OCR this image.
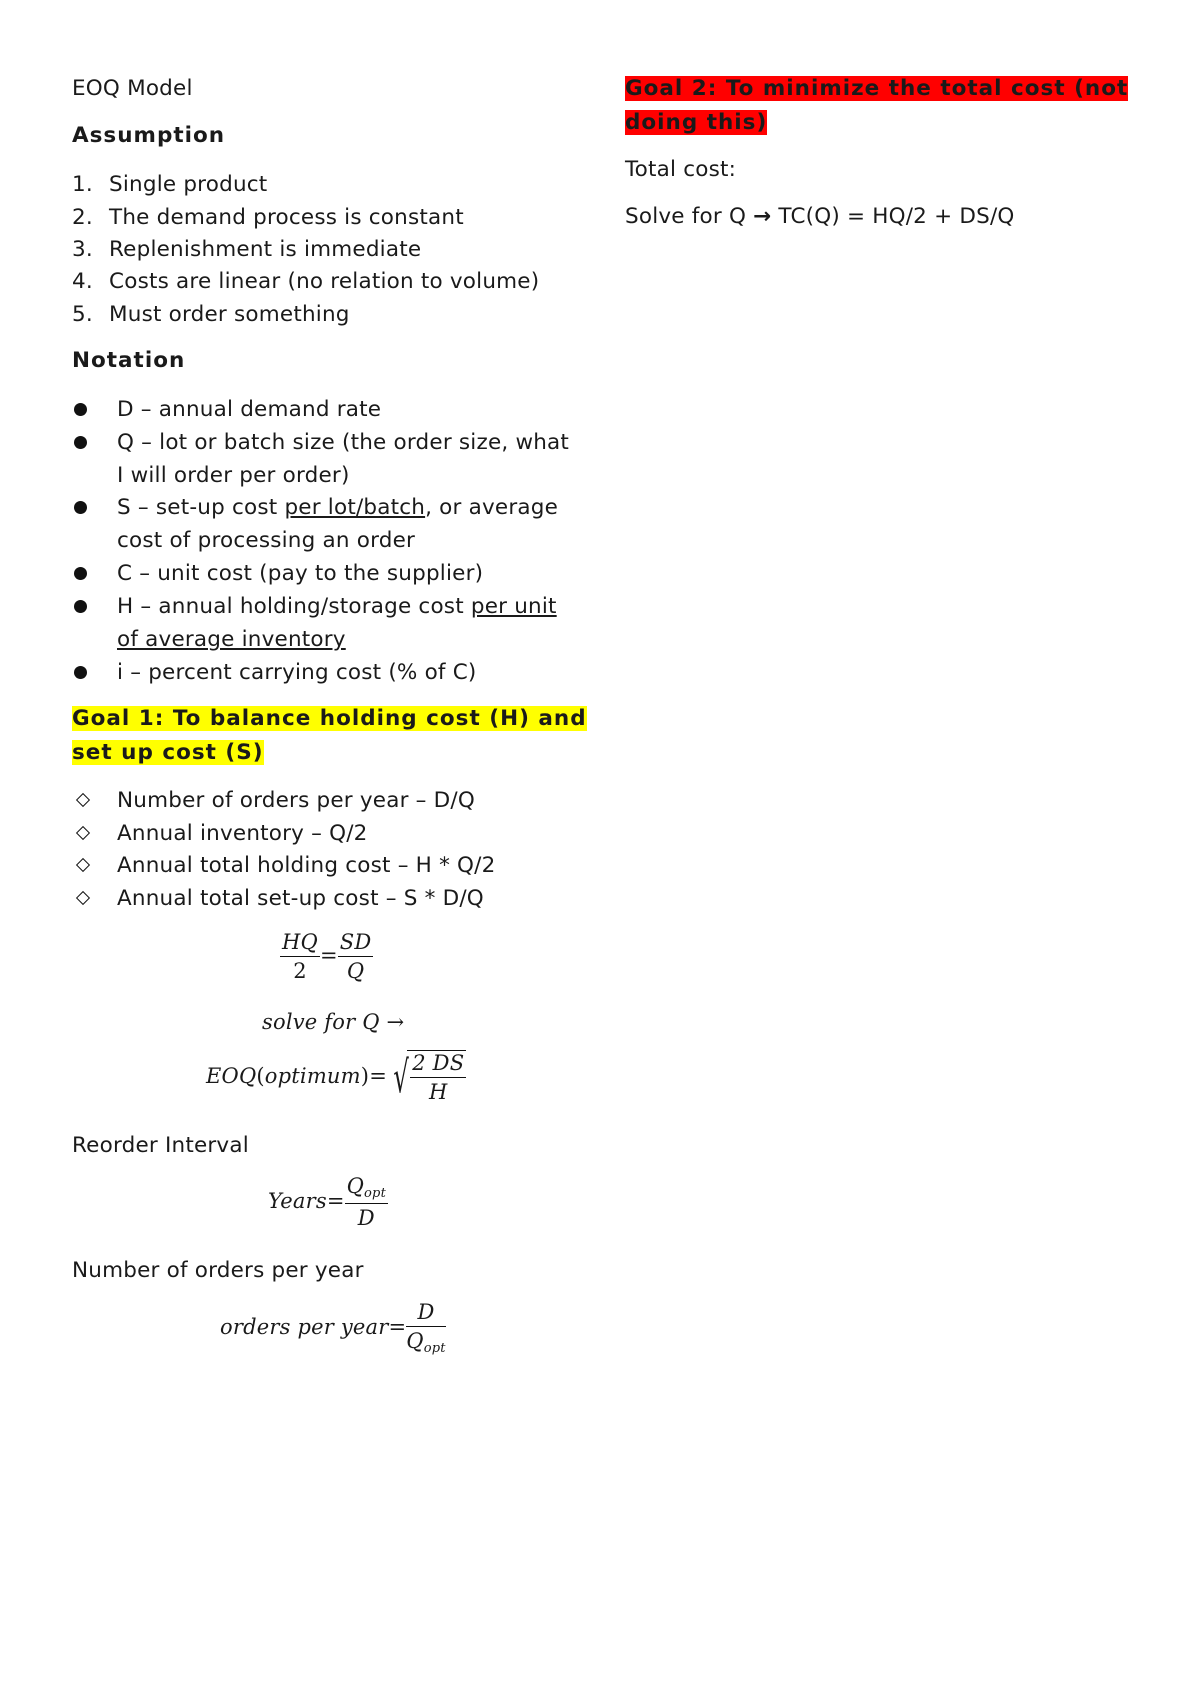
EOQ Model
Assumption
1. Single product
2. The demand process is constant
3. Replenishment is immediate
4. Costs are linear (no relation to volume)
5. Must order something
Notation
D – annual demand rate
Q – lot or batch size (the order size, what
I will order per order)
S – set-up cost per lot/batch, or average
cost of processing an order
C – unit cost (pay to the supplier)
H – annual holding/storage cost per unit
of average inventory
i – percent carrying cost (% of C)
Goal 1: To balance holding cost (H) and
set up cost (S)
Number of orders per year – D/Q
Annual inventory – Q/2
Annual total holding cost – H * Q/2
Annual total set-up cost – S * D/Q
$\frac{HQ}{2} = \frac{SD}{Q}$
solve for Q →
EOQ(optimum)= √ $\frac{2 DS}{H}$
Reorder Interval
Years= $\frac{Q_{opt}}{D}$
Number of orders per year
orders per year= $\frac{D}{Q_{opt}}$
Goal 2: To minimize the total cost (not
doing this)
Total cost:
Solve for Q → TC(Q) = HQ/2 + DS/Q
